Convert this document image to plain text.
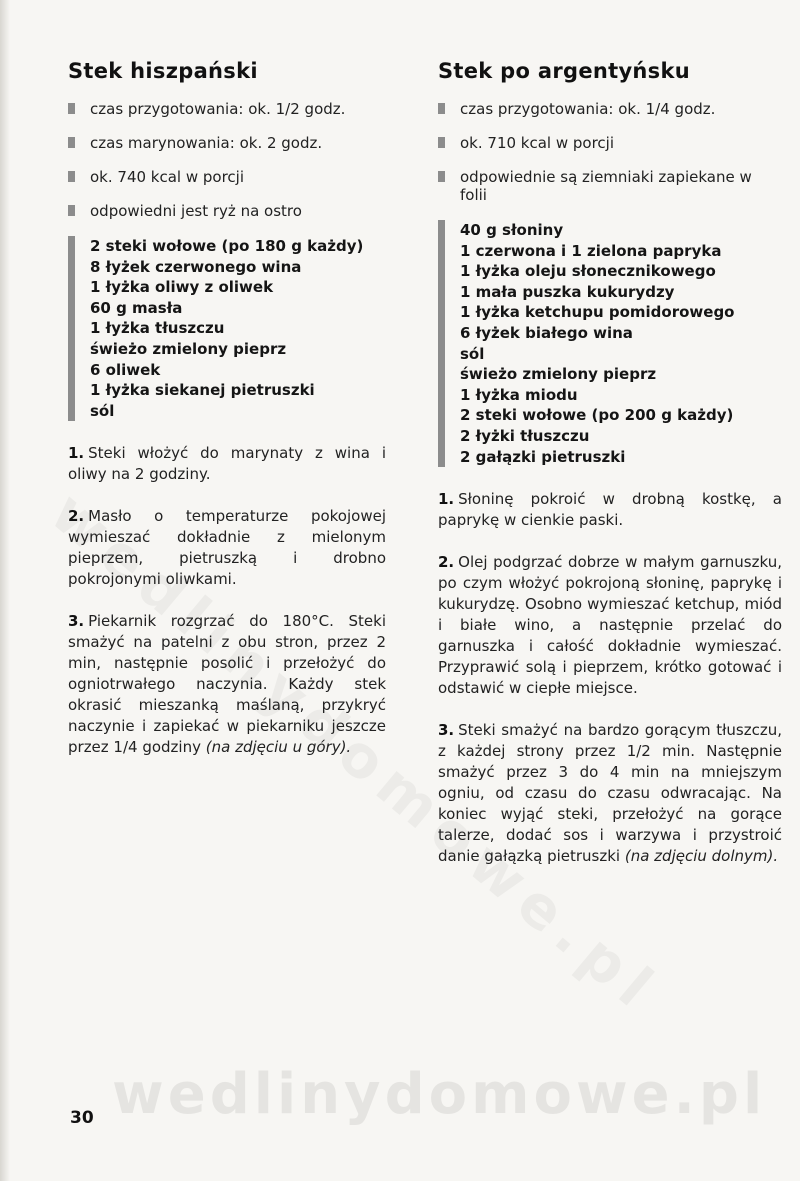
wedlinydomowe.pl
Stek hiszpański
czas przygotowania: ok. 1/2 godz.
czas marynowania: ok. 2 godz.
ok. 740 kcal w porcji
odpowiedni jest ryż na ostro
2 steki wołowe (po 180 g każdy)
8 łyżek czerwonego wina
1 łyżka oliwy z oliwek
60 g masła
1 łyżka tłuszczu
świeżo zmielony pieprz
6 oliwek
1 łyżka siekanej pietruszki
sól

1. Steki włożyć do marynaty z wina i oliwy na 2 godziny.

2. Masło o temperaturze pokojowej wymieszać dokładnie z mielonym pieprzem, pietruszką i drobno pokrojonymi oliwkami.

3. Piekarnik rozgrzać do 180°C. Steki smażyć na patelni z obu stron, przez 2 min, następnie posolić i przełożyć do ogniotrwałego naczynia. Każdy stek okrasić mieszanką maślaną, przykryć naczynie i zapiekać w piekarniku jeszcze przez 1/4 godziny (na zdjęciu u góry).

Stek po argentyńsku
czas przygotowania: ok. 1/4 godz.
ok. 710 kcal w porcji
odpowiednie są ziemniaki zapiekane w folii
40 g słoniny
1 czerwona i 1 zielona papryka
1 łyżka oleju słonecznikowego
1 mała puszka kukurydzy
1 łyżka ketchupu pomidorowego
6 łyżek białego wina
sól
świeżo zmielony pieprz
1 łyżka miodu
2 steki wołowe (po 200 g każdy)
2 łyżki tłuszczu
2 gałązki pietruszki

1. Słoninę pokroić w drobną kostkę, a paprykę w cienkie paski.

2. Olej podgrzać dobrze w małym garnuszku, po czym włożyć pokrojoną słoninę, paprykę i kukurydzę. Osobno wymieszać ketchup, miód i białe wino, a następnie przelać do garnuszka i całość dokładnie wymieszać. Przyprawić solą i pieprzem, krótko gotować i odstawić w ciepłe miejsce.

3. Steki smażyć na bardzo gorącym tłuszczu, z każdej strony przez 1/2 min. Następnie smażyć przez 3 do 4 min na mniejszym ogniu, od czasu do czasu odwracając. Na koniec wyjąć steki, przełożyć na gorące talerze, dodać sos i warzywa i przystroić danie gałązką pietruszki (na zdjęciu dolnym).

30
